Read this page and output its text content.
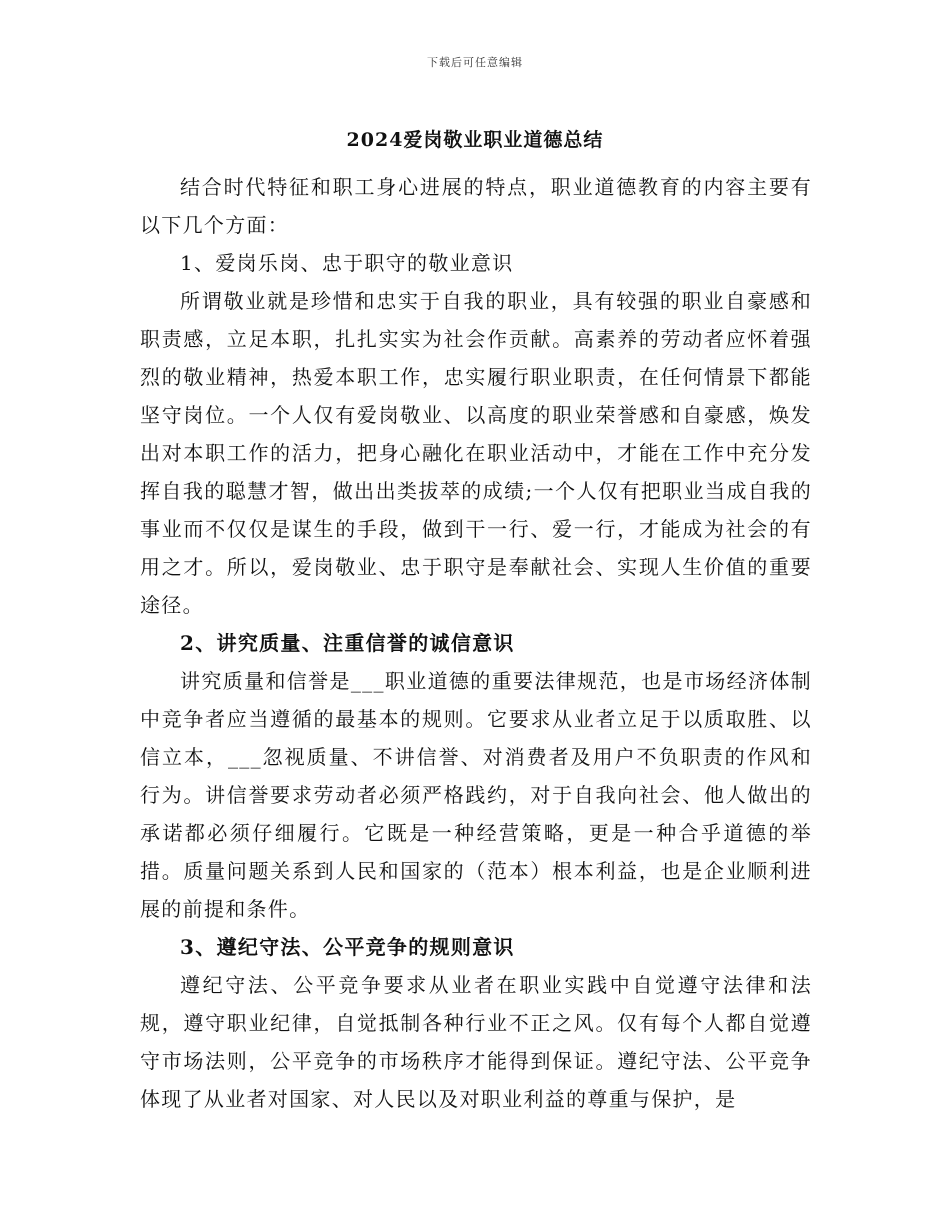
下载后可任意编辑
2024爱岗敬业职业道德总结

结合时代特征和职工身心进展的特点，职业道德教育的内容主要有以下几个方面：

1、爱岗乐岗、忠于职守的敬业意识

所谓敬业就是珍惜和忠实于自我的职业，具有较强的职业自豪感和职责感，立足本职，扎扎实实为社会作贡献。高素养的劳动者应怀着强烈的敬业精神，热爱本职工作，忠实履行职业职责，在任何情景下都能坚守岗位。一个人仅有爱岗敬业、以高度的职业荣誉感和自豪感，焕发出对本职工作的活力，把身心融化在职业活动中，才能在工作中充分发挥自我的聪慧才智，做出出类拔萃的成绩;一个人仅有把职业当成自我的事业而不仅仅是谋生的手段，做到干一行、爱一行，才能成为社会的有用之才。所以，爱岗敬业、忠于职守是奉献社会、实现人生价值的重要途径。

2、讲究质量、注重信誉的诚信意识

讲究质量和信誉是___职业道德的重要法律规范，也是市场经济体制中竞争者应当遵循的最基本的规则。它要求从业者立足于以质取胜、以信立本，___忽视质量、不讲信誉、对消费者及用户不负职责的作风和行为。讲信誉要求劳动者必须严格践约，对于自我向社会、他人做出的承诺都必须仔细履行。它既是一种经营策略，更是一种合乎道德的举措。质量问题关系到人民和国家的（范本）根本利益，也是企业顺利进展的前提和条件。

3、遵纪守法、公平竞争的规则意识

遵纪守法、公平竞争要求从业者在职业实践中自觉遵守法律和法规，遵守职业纪律，自觉抵制各种行业不正之风。仅有每个人都自觉遵守市场法则，公平竞争的市场秩序才能得到保证。遵纪守法、公平竞争体现了从业者对国家、对人民以及对职业利益的尊重与保护，是
